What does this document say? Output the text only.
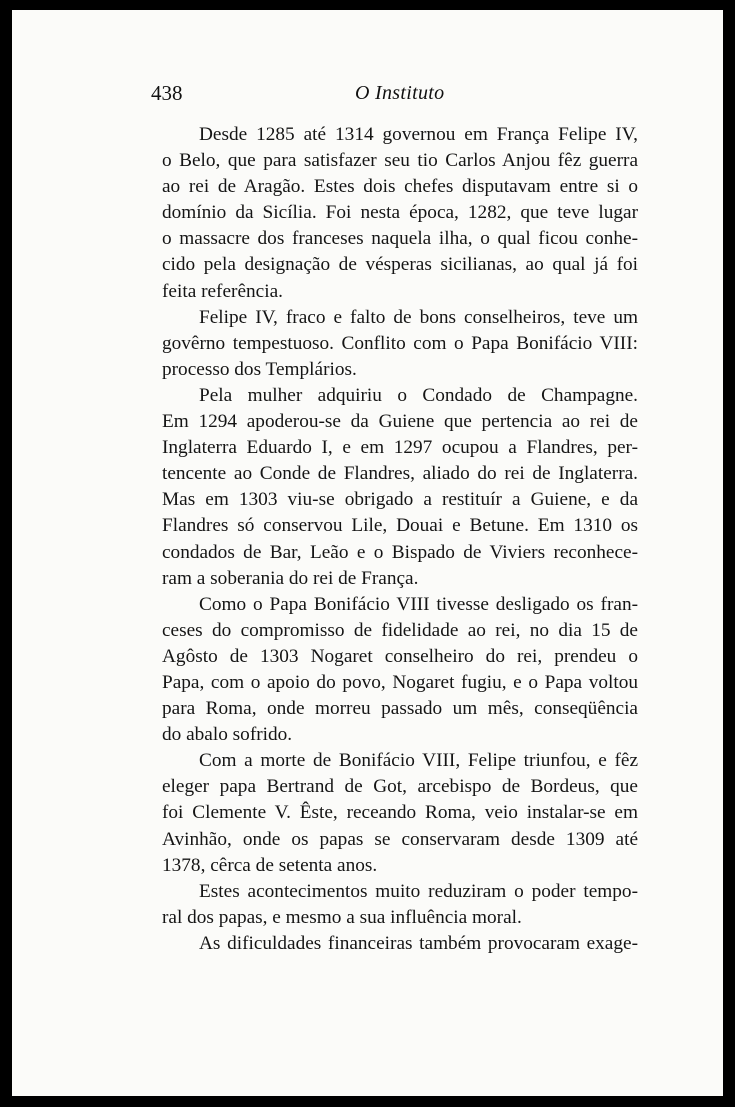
438	O Instituto
Desde 1285 até 1314 governou em França Felipe IV,
o Belo, que para satisfazer seu tio Carlos Anjou fêz guerra
ao rei de Aragão. Estes dois chefes disputavam entre si o
domínio da Sicília. Foi nesta época, 1282, que teve lugar
o massacre dos franceses naquela ilha, o qual ficou conhe-
cido pela designação de vésperas sicilianas, ao qual já foi
feita referência.
Felipe IV, fraco e falto de bons conselheiros, teve um
govêrno tempestuoso. Conflito com o Papa Bonifácio VIII:
processo dos Templários.
Pela mulher adquiriu o Condado de Champagne.
Em 1294 apoderou-se da Guiene que pertencia ao rei de
Inglaterra Eduardo I, e em 1297 ocupou a Flandres, per-
tencente ao Conde de Flandres, aliado do rei de Inglaterra.
Mas em 1303 viu-se obrigado a restituír a Guiene, e da
Flandres só conservou Lile, Douai e Betune. Em 1310 os
condados de Bar, Leão e o Bispado de Viviers reconhece-
ram a soberania do rei de França.
Como o Papa Bonifácio VIII tivesse desligado os fran-
ceses do compromisso de fidelidade ao rei, no dia 15 de
Agôsto de 1303 Nogaret conselheiro do rei, prendeu o
Papa, com o apoio do povo, Nogaret fugiu, e o Papa voltou
para Roma, onde morreu passado um mês, conseqüência
do abalo sofrido.
Com a morte de Bonifácio VIII, Felipe triunfou, e fêz
eleger papa Bertrand de Got, arcebispo de Bordeus, que
foi Clemente V. Êste, receando Roma, veio instalar-se em
Avinhão, onde os papas se conservaram desde 1309 até
1378, cêrca de setenta anos.
Estes acontecimentos muito reduziram o poder tempo-
ral dos papas, e mesmo a sua influência moral.
As dificuldades financeiras também provocaram exage-
